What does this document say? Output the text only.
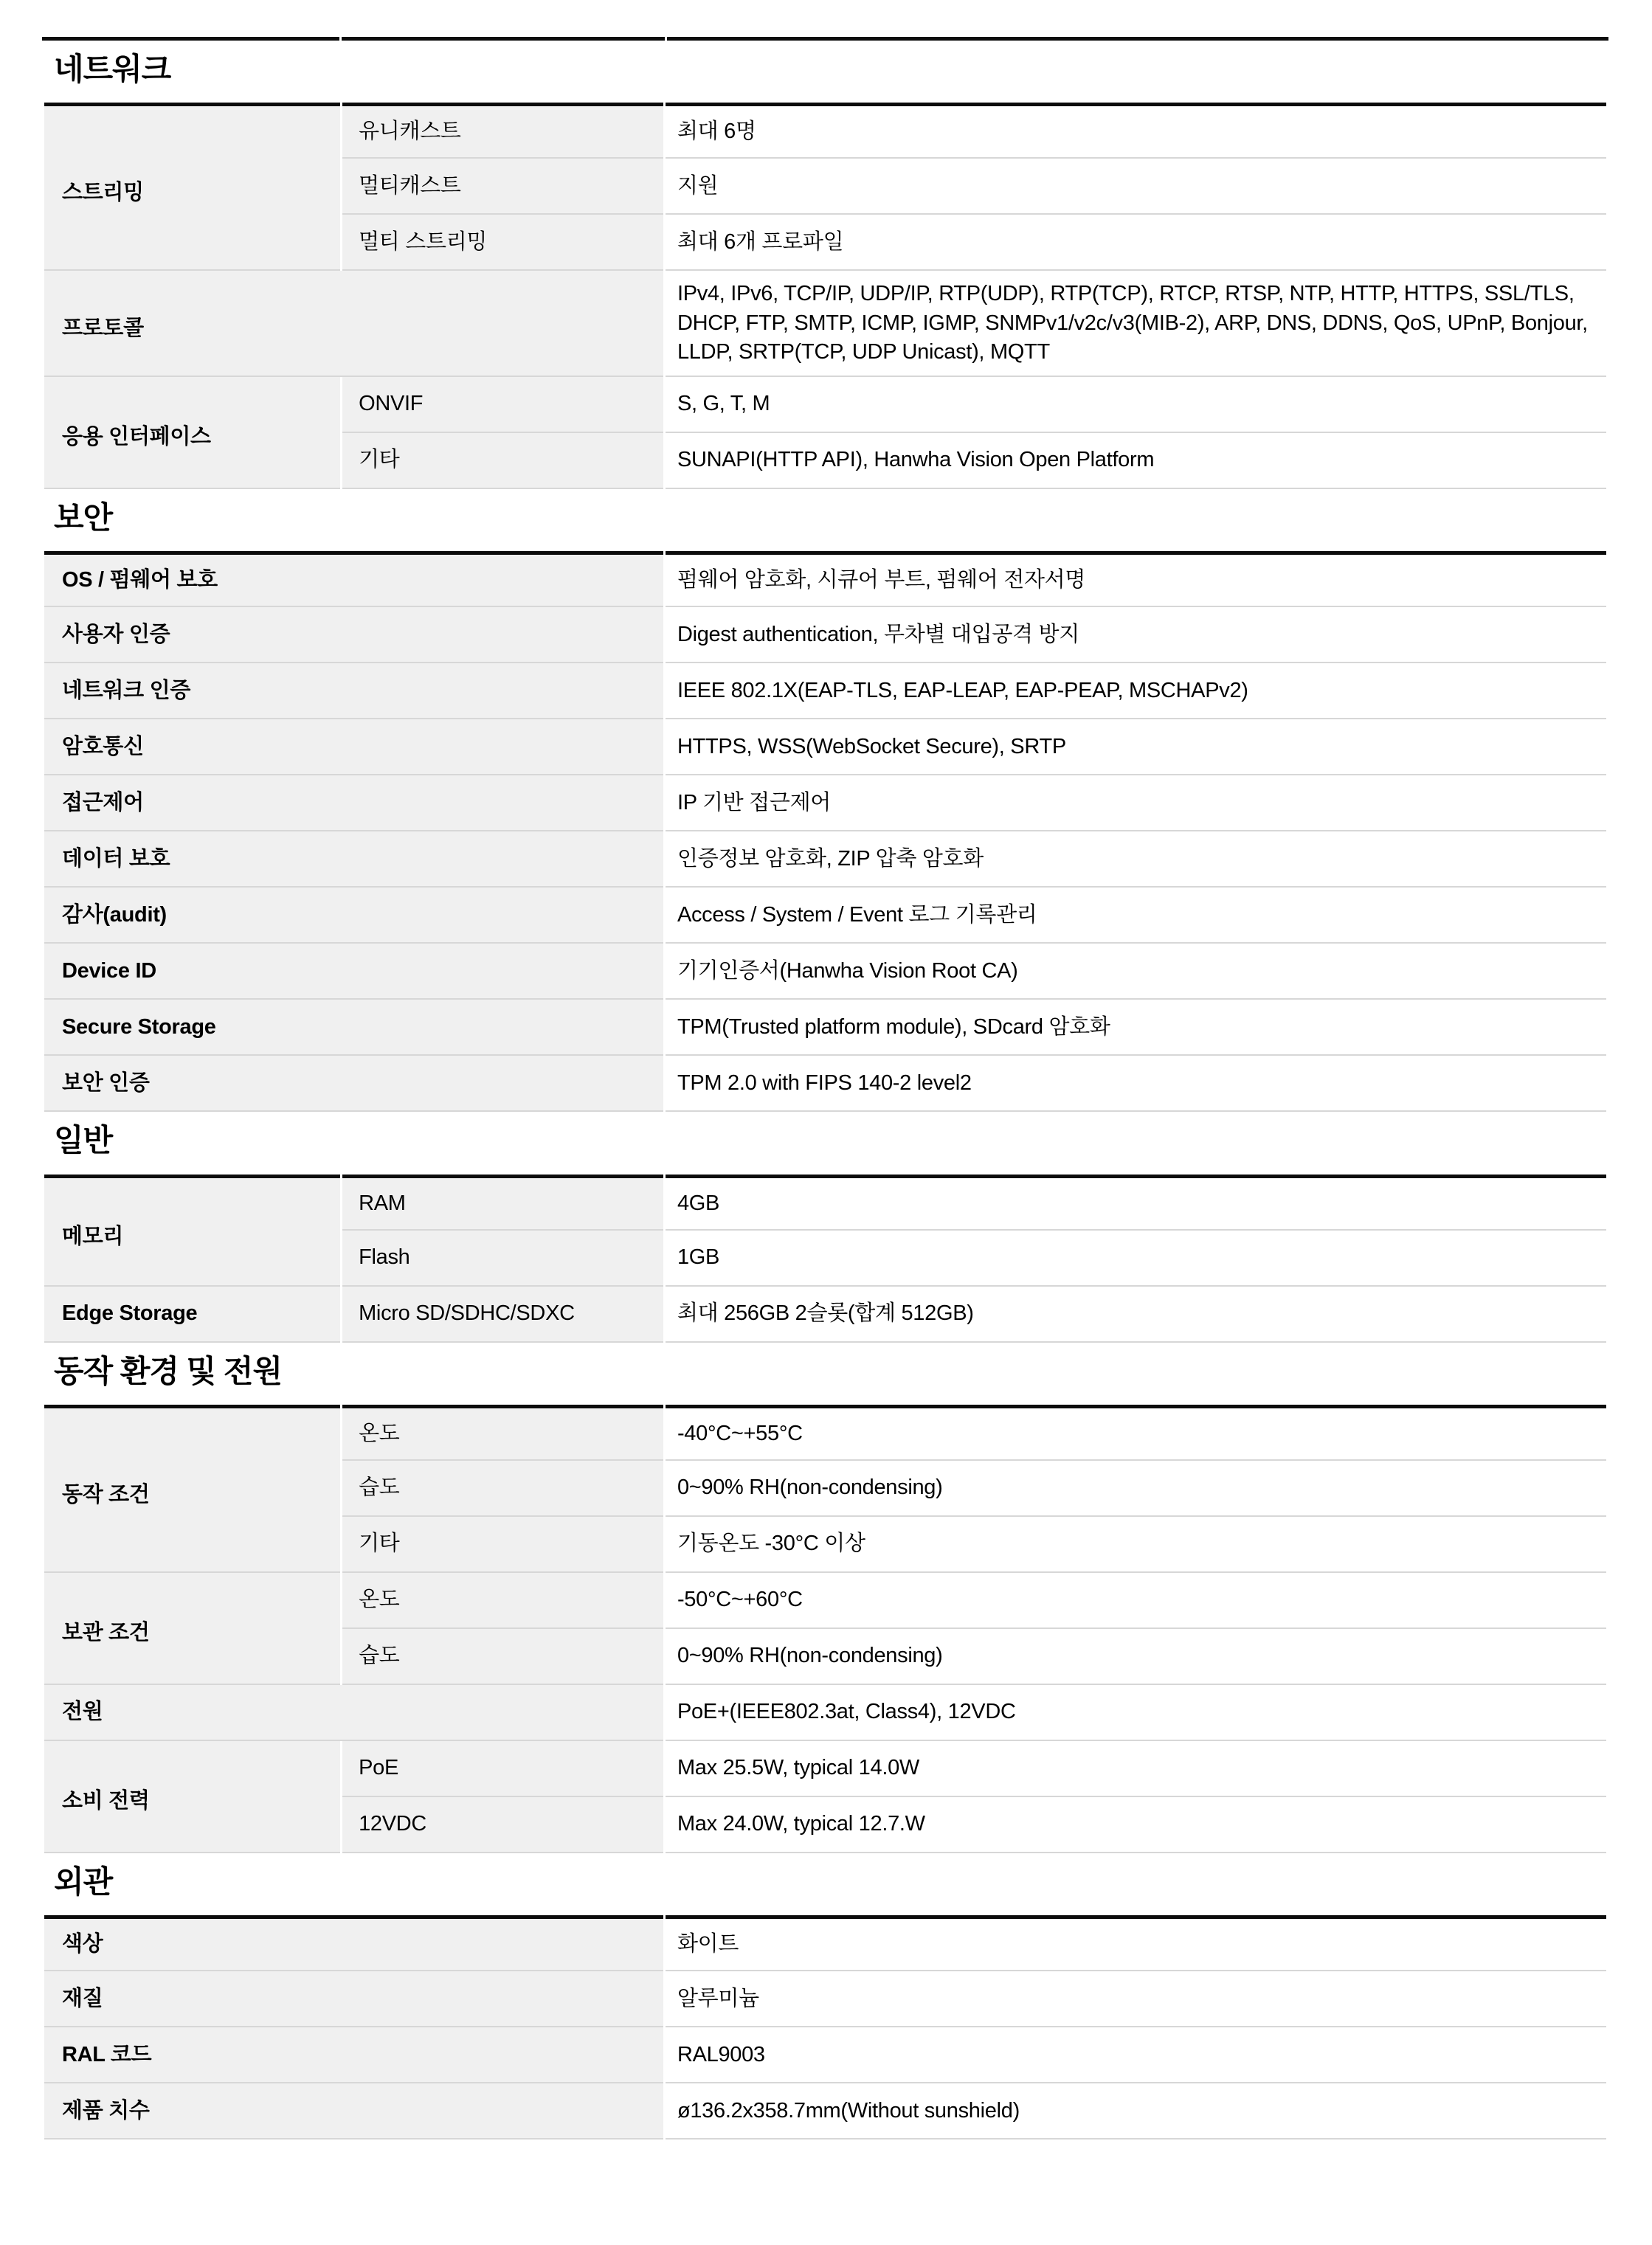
네트워크
스트리밍	유니캐스트	최대 6명
	멀티캐스트	지원
	멀티 스트리밍	최대 6개 프로파일
프로토콜		IPv4, IPv6, TCP/IP, UDP/IP, RTP(UDP), RTP(TCP), RTCP, RTSP, NTP, HTTP, HTTPS, SSL/TLS, DHCP, FTP, SMTP, ICMP, IGMP, SNMPv1/v2c/v3(MIB-2), ARP, DNS, DDNS, QoS, UPnP, Bonjour, LLDP, SRTP(TCP, UDP Unicast), MQTT
응용 인터페이스	ONVIF	S, G, T, M
	기타	SUNAPI(HTTP API), Hanwha Vision Open Platform
보안
OS / 펌웨어 보호	펌웨어 암호화, 시큐어 부트, 펌웨어 전자서명
사용자 인증	Digest authentication, 무차별 대입공격 방지
네트워크 인증	IEEE 802.1X(EAP-TLS, EAP-LEAP, EAP-PEAP, MSCHAPv2)
암호통신	HTTPS, WSS(WebSocket Secure), SRTP
접근제어	IP 기반 접근제어
데이터 보호	인증정보 암호화, ZIP 압축 암호화
감사(audit)	Access / System / Event 로그 기록관리
Device ID	기기인증서(Hanwha Vision Root CA)
Secure Storage	TPM(Trusted platform module), SDcard 암호화
보안 인증	TPM 2.0 with FIPS 140-2 level2
일반
메모리	RAM	4GB
	Flash	1GB
Edge Storage	Micro SD/SDHC/SDXC	최대 256GB 2슬롯(합계 512GB)
동작 환경 및 전원
동작 조건	온도	-40°C~+55°C
	습도	0~90% RH(non-condensing)
	기타	기동온도 -30°C 이상
보관 조건	온도	-50°C~+60°C
	습도	0~90% RH(non-condensing)
전원		PoE+(IEEE802.3at, Class4), 12VDC
소비 전력	PoE	Max 25.5W, typical 14.0W
	12VDC	Max 24.0W, typical 12.7.W
외관
색상	화이트
재질	알루미늄
RAL 코드	RAL9003
제품 치수	ø136.2x358.7mm(Without sunshield)
